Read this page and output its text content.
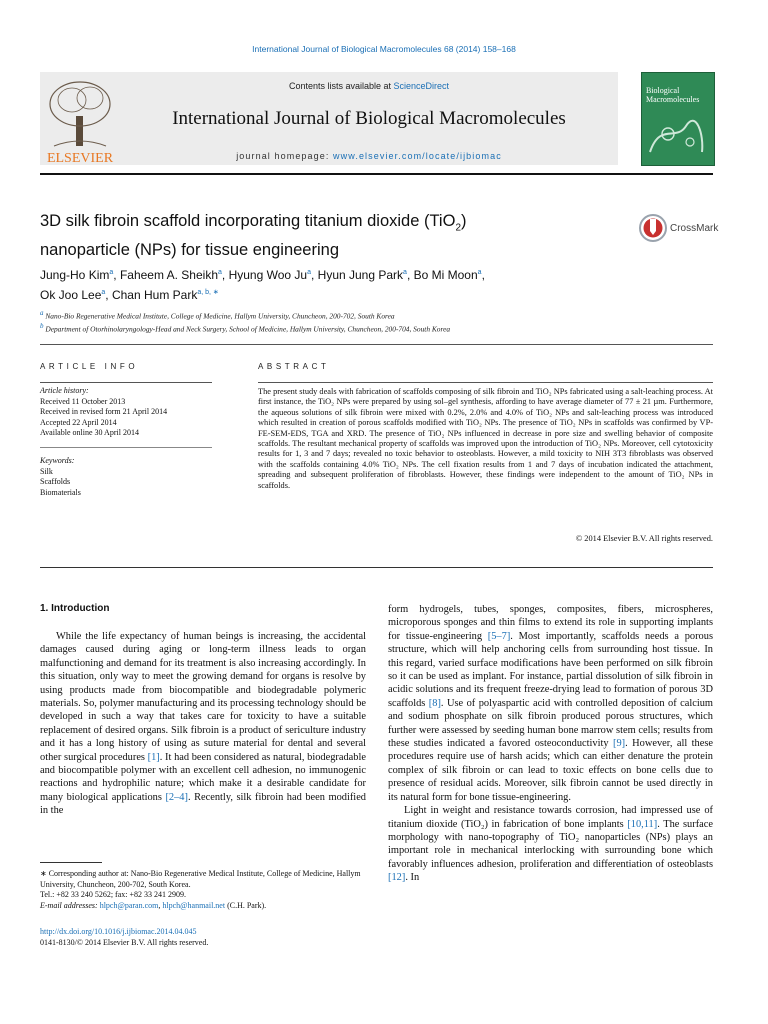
International Journal of Biological Macromolecules 68 (2014) 158–168
ELSEVIER
Contents lists available at ScienceDirect
International Journal of Biological Macromolecules
journal homepage: www.elsevier.com/locate/ijbiomac
Biological
Macromolecules
3D silk fibroin scaffold incorporating titanium dioxide (TiO$_2$)
nanoparticle (NPs) for tissue engineering
CrossMark
Jung-Ho Kim$^a$, Faheem A. Sheikh$^a$, Hyung Woo Ju$^a$, Hyun Jung Park$^a$, Bo Mi Moon$^a$,
Ok Joo Lee$^a$, Chan Hum Park$^{a, b, ∗}$
$^a$ Nano-Bio Regenerative Medical Institute, College of Medicine, Hallym University, Chuncheon, 200-702, South Korea
$^b$ Department of Otorhinolaryngology-Head and Neck Surgery, School of Medicine, Hallym University, Chuncheon, 200-704, South Korea
ARTICLE INFO	ABSTRACT
Article history:
Received 11 October 2013
Received in revised form 21 April 2014
Accepted 22 April 2014
Available online 30 April 2014
Keywords:
Silk
Scaffolds
Biomaterials
The present study deals with fabrication of scaffolds composing of silk fibroin and TiO₂ NPs fabricated using a salt-leaching process. At first instance, the TiO₂ NPs were prepared by using sol–gel synthesis, affording to have average diameter of 77 ± 21 µm. Furthermore, the aqueous solutions of silk fibroin were mixed with 0.2%, 2.0% and 4.0% of TiO₂ NPs and salt-leaching process was introduced which resulted in creation of porous scaffolds modified with TiO₂ NPs. The presence of TiO₂ NPs in scaffolds was confirmed by VP-FE-SEM-EDS, TGA and XRD. The presence of TiO₂ NPs influenced in decrease in pore size and swelling behavior of composite scaffolds. The resultant mechanical property of scaffolds was improved upon the introduction of TiO₂ NPs. Moreover, cell cytotoxicity results for 1, 3 and 7 days; revealed no toxic behavior to osteoblasts. However, a mild toxicity to NIH 3T3 fibroblasts was observed with the scaffolds containing 4.0% TiO₂ NPs. The cell fixation results from 1 and 7 days of incubation indicated the attachment, spreading and subsequent proliferation of fibroblasts. However, these findings were independent to the amount of TiO₂ NPs in scaffolds.
© 2014 Elsevier B.V. All rights reserved.
1. Introduction

While the life expectancy of human beings is increasing, the accidental damages caused during aging or long-term illness leads to organ malfunctioning and demand for its treatment is also increasing accordingly. In this situation, only way to meet the growing demand for organs is resolve by using products made from biocompatible and biodegradable polymeric materials. So, polymer manufacturing and its processing technology should be developed in such a way that takes care for toxicity to have a suitable replacement of desired organs. Silk fibroin is a product of sericulture industry and it has a long history of using as suture material for dental and several other surgical procedures [1]. It had been considered as natural, biodegradable and biocompatible polymer with an excellent cell adhesion, no immunogenic reactions and hydrophilic nature; which make it a desirable candidate for many biological applications [2–4]. Recently, silk fibroin had been modified in the

form hydrogels, tubes, sponges, composites, fibers, microspheres, microporous sponges and thin films to extend its role in supporting implants for tissue-engineering [5–7]. Most importantly, scaffolds needs a porous structure, which will help anchoring cells from surrounding host tissue. In this regard, varied surface modifications have been performed on silk fibroin so it can be used as implant. For instance, partial dissolution of silk fibroin in acidic solutions and its frequent freeze-drying lead to formation of porous 3D scaffolds [8]. Use of polyaspartic acid with controlled deposition of calcium and sodium phosphate on silk fibroin produced porous structures, which further were assessed by seeding human bone marrow stem cells; results from these studies indicated a favored osteoconductivity [9]. However, all these procedures require use of harsh acids; which can either denature the protein complex of silk fibroin or can lead to toxic effects on bone cells due to presence of residual acids. Moreover, silk fibroin cannot be used directly in its natural form for bone tissue-engineering.

Light in weight and resistance towards corrosion, had impressed use of titanium dioxide (TiO₂) in fabrication of bone implants [10,11]. The surface morphology with nano-topography of TiO₂ nanoparticles (NPs) plays an important role in mechanical interlocking with surrounding bone which favorably influences adhesion, proliferation and differentiation of osteoblasts [12]. In

∗ Corresponding author at: Nano-Bio Regenerative Medical Institute, College of Medicine, Hallym University, Chuncheon, 200-702, South Korea.
Tel.: +82 33 240 5262; fax: +82 33 241 2909.
E-mail addresses: hlpch@paran.com, hlpch@hanmail.net (C.H. Park).
http://dx.doi.org/10.1016/j.ijbiomac.2014.04.045
0141-8130/© 2014 Elsevier B.V. All rights reserved.
